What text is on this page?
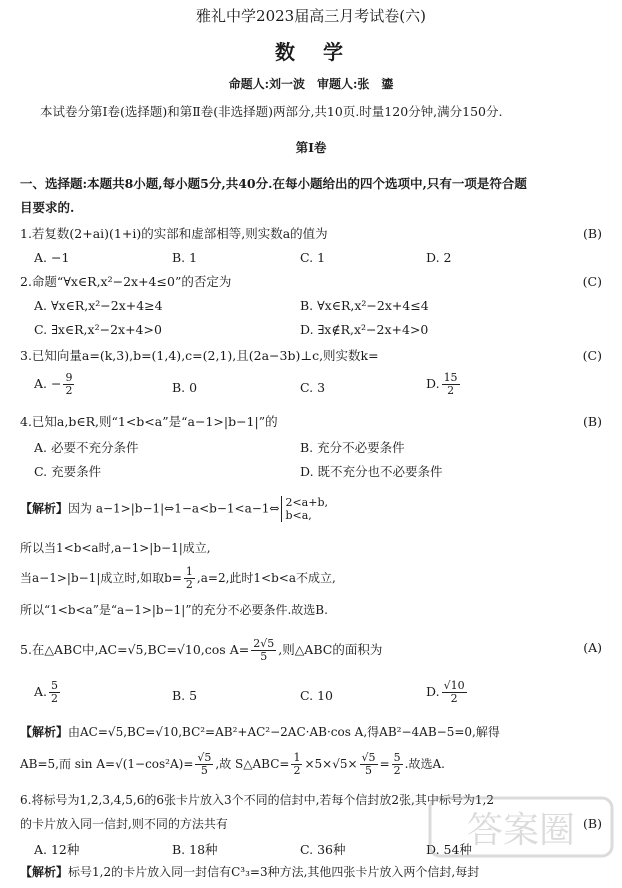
雅礼中学2023届高三月考试卷(六)
数　学
命题人:刘一波　审题人:张　鎏
本试卷分第Ⅰ卷(选择题)和第Ⅱ卷(非选择题)两部分,共10页.时量120分钟,满分150分.
第Ⅰ卷
一、选择题:本题共8小题,每小题5分,共40分.在每小题给出的四个选项中,只有一项是符合题
目要求的.
1.若复数(2+ai)(1+i)的实部和虚部相等,则实数a的值为	(B)
A. −1	B. 1	C. 1	D. 2
2.命题“∀x∈R,x²−2x+4≤0”的否定为	(C)
A. ∀x∈R,x²−2x+4≥4	B. ∀x∈R,x²−2x+4≤4
C. ∃x∈R,x²−2x+4>0	D. ∃x∉R,x²−2x+4>0
3.已知向量a=(k,3),b=(1,4),c=(2,1),且(2a−3b)⊥c,则实数k=	(C)
A. − $\frac{9}{2}$	B. 0	C. 3	D. $\frac{15}{2}$
4.已知a,b∈R,则“1<b<a”是“a−1>|b−1|”的	(B)
A. 必要不充分条件	B. 充分不必要条件
C. 充要条件	D. 既不充分也不必要条件
【解析】因为 a−1>|b−1|⇔1−a<b−1<a−1⇔ 2<a+b,
b<a,
所以当1<b<a时,a−1>|b−1|成立,
当a−1>|b−1|成立时,如取$b= \frac{1}{2} ,a=2$,此时1<b<a不成立,
所以“1<b<a”是“a−1>|b−1|”的充分不必要条件.故选B.
5.在△ABC中,AC=√5,BC=√10,cos $A= \frac{2√5}{5}$ ,则△ABC的面积为	(A)
A. $\frac{5}{2}$	B. 5	C. 10	D. $\frac{√10}{2}$
【解析】由AC=√5,BC=√10,BC²=AB²+AC²−2AC·AB·cos A,得AB²−4AB−5=0,解得
AB=5,而 $\sin A=√(1-\cos^2A)= \frac{√5}{5}$ ,故 S△ABC= $\frac{1}{2} \times 5\times√5\times \frac{√5}{5} = \frac{5}{2}$ .故选A.
6.将标号为1,2,3,4,5,6的6张卡片放入3个不同的信封中,若每个信封放2张,其中标号为1,2
的卡片放入同一信封,则不同的方法共有	(B)
A. 12种	B. 18种	C. 36种	D. 54种
【解析】标号1,2的卡片放入同一封信有C³₃=3种方法,其他四张卡片放入两个信封,每封
答案圈
